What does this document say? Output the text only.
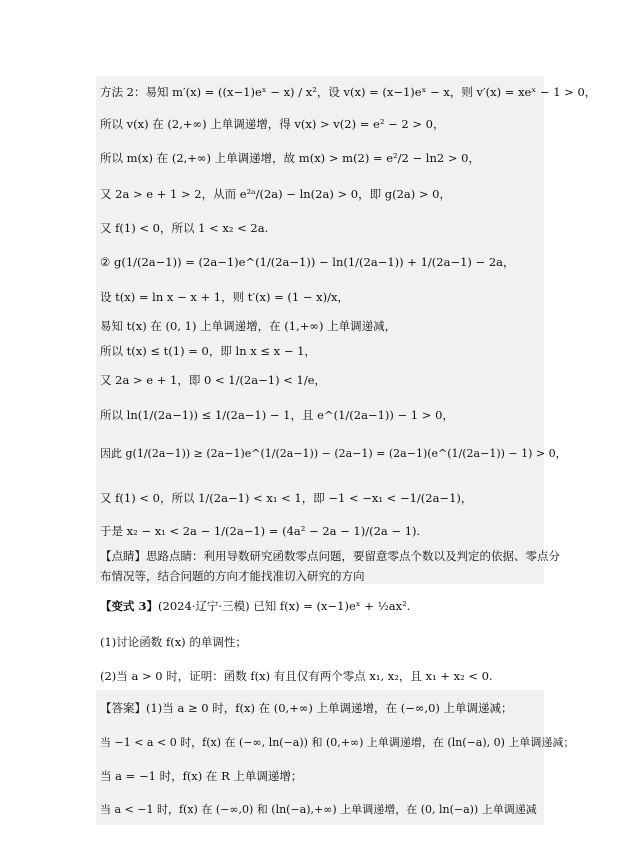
方法 2：易知 m′(x) = ((x−1)eˣ − x) / x²，设 v(x) = (x−1)eˣ − x，则 v′(x) = xeˣ − 1 > 0，
所以 v(x) 在 (2,+∞) 上单调递增，得 v(x) > v(2) = e² − 2 > 0，
所以 m(x) 在 (2,+∞) 上单调递增，故 m(x) > m(2) = e²/2 − ln2 > 0，
又 2a > e + 1 > 2，从而 e²ᵃ/(2a) − ln(2a) > 0，即 g(2a) > 0，
又 f(1) < 0，所以 1 < x₂ < 2a.
② g(1/(2a−1)) = (2a−1)e^(1/(2a−1)) − ln(1/(2a−1)) + 1/(2a−1) − 2a，
设 t(x) = ln x − x + 1，则 t′(x) = (1 − x)/x，
易知 t(x) 在 (0, 1) 上单调递增，在 (1,+∞) 上单调递减，
所以 t(x) ≤ t(1) = 0，即 ln x ≤ x − 1，
又 2a > e + 1，即 0 < 1/(2a−1) < 1/e，
所以 ln(1/(2a−1)) ≤ 1/(2a−1) − 1，且 e^(1/(2a−1)) − 1 > 0，
因此 g(1/(2a−1)) ≥ (2a−1)e^(1/(2a−1)) − (2a−1) = (2a−1)(e^(1/(2a−1)) − 1) > 0，
又 f(1) < 0，所以 1/(2a−1) < x₁ < 1，即 −1 < −x₁ < −1/(2a−1)，
于是 x₂ − x₁ < 2a − 1/(2a−1) = (4a² − 2a − 1)/(2a − 1).
【点睛】思路点睛：利用导数研究函数零点问题，要留意零点个数以及判定的依据、零点分
布情况等，结合问题的方向才能找准切入研究的方向
【变式 3】(2024·辽宁·三模) 已知 f(x) = (x−1)eˣ + ½ax².
(1)讨论函数 f(x) 的单调性；
(2)当 a > 0 时，证明：函数 f(x) 有且仅有两个零点 x₁, x₂，且 x₁ + x₂ < 0.
【答案】(1)当 a ≥ 0 时，f(x) 在 (0,+∞) 上单调递增，在 (−∞,0) 上单调递减；
当 −1 < a < 0 时，f(x) 在 (−∞, ln(−a)) 和 (0,+∞) 上单调递增，在 (ln(−a), 0) 上单调递减；
当 a = −1 时，f(x) 在 R 上单调递增；
当 a < −1 时，f(x) 在 (−∞,0) 和 (ln(−a),+∞) 上单调递增，在 (0, ln(−a)) 上单调递减
